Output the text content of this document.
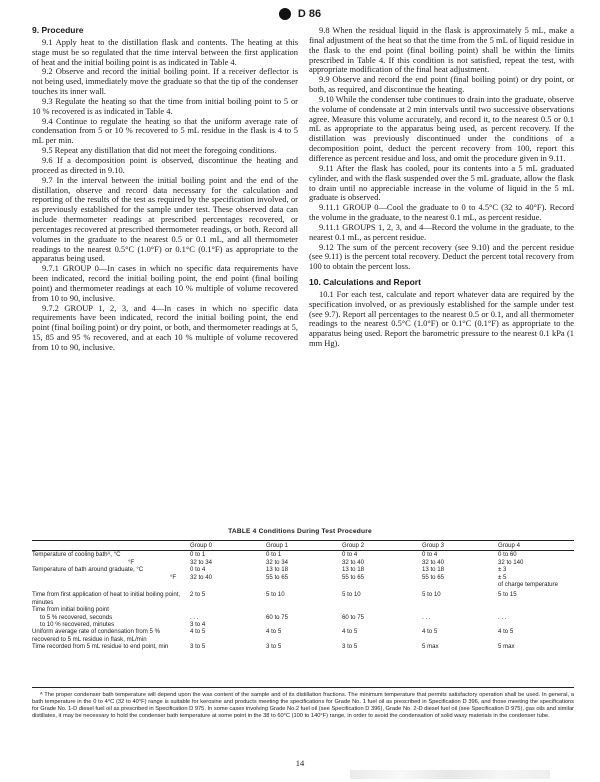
D 86
9. Procedure

9.1 Apply heat to the distillation flask and contents. The heating at this stage must be so regulated that the time interval between the first application of heat and the initial boiling point is as indicated in Table 4.

9.2 Observe and record the initial boiling point. If a receiver deflector is not being used, immediately move the graduate so that the tip of the condenser touches its inner wall.

9.3 Regulate the heating so that the time from initial boiling point to 5 or 10 % recovered is as indicated in Table 4.

9.4 Continue to regulate the heating so that the uniform average rate of condensation from 5 or 10 % recovered to 5 mL residue in the flask is 4 to 5 mL per min.

9.5 Repeat any distillation that did not meet the foregoing conditions.

9.6 If a decomposition point is observed, discontinue the heating and proceed as directed in 9.10.

9.7 In the interval between the initial boiling point and the end of the distillation, observe and record data necessary for the calculation and reporting of the results of the test as required by the specification involved, or as previously established for the sample under test. These observed data can include thermometer readings at prescribed percentages recovered, or percentages recovered at prescribed thermometer readings, or both. Record all volumes in the graduate to the nearest 0.5 or 0.1 mL, and all thermometer readings to the nearest 0.5°C (1.0°F) or 0.1°C (0.1°F) as appropriate to the apparatus being used.

9.7.1 GROUP 0—In cases in which no specific data requirements have been indicated, record the initial boiling point, the end point (final boiling point) and thermometer readings at each 10 % multiple of volume recovered from 10 to 90, inclusive.

9.7.2 GROUP 1, 2, 3, and 4—In cases in which no specific data requirements have been indicated, record the initial boiling point, the end point (final boiling point) or dry point, or both, and thermometer readings at 5, 15, 85 and 95 % recovered, and at each 10 % multiple of volume recovered from 10 to 90, inclusive.

9.8 When the residual liquid in the flask is approximately 5 mL, make a final adjustment of the heat so that the time from the 5 mL of liquid residue in the flask to the end point (final boiling point) shall be within the limits prescribed in Table 4. If this condition is not satisfied, repeat the test, with appropriate modification of the final heat adjustment.

9.9 Observe and record the end point (final boiling point) or dry point, or both, as required, and discontinue the heating.

9.10 While the condenser tube continues to drain into the graduate, observe the volume of condensate at 2 min intervals until two successive observations agree. Measure this volume accurately, and record it, to the nearest 0.5 or 0.1 mL as appropriate to the apparatus being used, as percent recovery. If the distillation was previously discontinued under the conditions of a decomposition point, deduct the percent recovery from 100, report this difference as percent residue and loss, and omit the procedure given in 9.11.

9.11 After the flask has cooled, pour its contents into a 5 mL graduated cylinder, and with the flask suspended over the 5 mL graduate, allow the flask to drain until no appreciable increase in the volume of liquid in the 5 mL graduate is observed.

9.11.1 GROUP 0—Cool the graduate to 0 to 4.5°C (32 to 40°F). Record the volume in the graduate, to the nearest 0.1 mL, as percent residue.

9.11.1 GROUPS 1, 2, 3, and 4—Record the volume in the graduate, to the nearest 0.1 mL, as percent residue.

9.12 The sum of the percent recovery (see 9.10) and the percent residue (see 9.11) is the percent total recovery. Deduct the percent total recovery from 100 to obtain the percent loss.

10. Calculations and Report

10.1 For each test, calculate and report whatever data are required by the specification involved, or as previously established for the sample under test (see 9.7). Report all percentages to the nearest 0.5 or 0.1, and all thermometer readings to the nearest 0.5°C (1.0°F) or 0.1°C (0.1°F) as appropriate to the apparatus being used. Report the barometric pressure to the nearest 0.1 kPa (1 mm Hg).

TABLE 4 Conditions During Test Procedure
	Group 0	Group 1	Group 2	Group 3	Group 4
Temperature of cooling bathᴬ, °C	0 to 1	0 to 1	0 to 4	0 to 4	0 to 60
°F	32 to 34	32 to 34	32 to 40	32 to 40	32 to 140
Temperature of bath around graduate, °C	0 to 4	13 to 18	13 to 18	13 to 18	± 3
°F	32 to 40	55 to 65	55 to 65	55 to 65	± 5
					of charge temperature

Time from first application of heat to initial boiling point, minutes	2 to 5	5 to 10	5 to 10	5 to 10	5 to 15
Time from initial boiling point					
to 5 % recovered, seconds	. . .	60 to 75	60 to 75	. . .	. . .
to 10 % recovered, minutes	3 to 4				
Uniform average rate of condensation from 5 % recovered to 5 mL residue in flask, mL/min	4 to 5	4 to 5	4 to 5	4 to 5	4 to 5
Time recorded from 5 mL residue to end point, min	3 to 5	3 to 5	3 to 5	5 max	5 max

ᴬ The proper condenser bath temperature will depend upon the wax content of the sample and of its distillation fractions. The minimum temperature that permits satisfactory operation shall be used. In general, a bath temperature in the 0 to 4°C (32 to 40°F) range is suitable for kerosine and products meeting the specifications for Grade No. 1 fuel oil as prescribed in Specification D 396, and those meeting the specifications for Grade No. 1-D diesel fuel oil as prescribed in Specification D 975. In some cases involving Grade No.2 fuel oil (see Specification D 396), Grade No. 2-D diesel fuel oil (see Specification D 975), gas oils and similar distillates, it may be necessary to hold the condenser bath temperature at some point in the 38 to 60°C (100 to 140°F) range, in order to avoid the condensation of solid waxy materials in the condenser tube.

14
